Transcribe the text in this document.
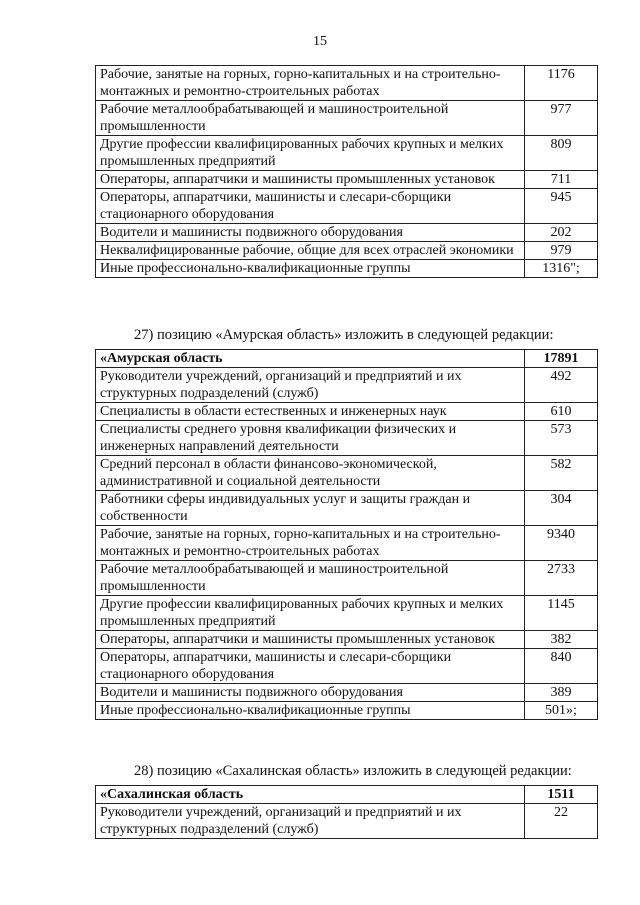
15
Рабочие, занятые на горных, горно-капитальных и на строительно-монтажных и ремонтно-строительных работах	1176
Рабочие металлообрабатывающей и машиностроительной промышленности	977
Другие профессии квалифицированных рабочих крупных и мелких промышленных предприятий	809
Операторы, аппаратчики и машинисты промышленных установок	711
Операторы, аппаратчики, машинисты и слесари-сборщики стационарного оборудования	945
Водители и машинисты подвижного оборудования	202
Неквалифицированные рабочие, общие для всех отраслей экономики	979
Иные профессионально-квалификационные группы	1316";
27) позицию «Амурская область» изложить в следующей редакции:
«Амурская область	17891
Руководители учреждений, организаций и предприятий и их структурных подразделений (служб)	492
Специалисты в области естественных и инженерных наук	610
Специалисты среднего уровня квалификации физических и инженерных направлений деятельности	573
Средний персонал в области финансово-экономической, административной и социальной деятельности	582
Работники сферы индивидуальных услуг и защиты граждан и собственности	304
Рабочие, занятые на горных, горно-капитальных и на строительно-монтажных и ремонтно-строительных работах	9340
Рабочие металлообрабатывающей и машиностроительной промышленности	2733
Другие профессии квалифицированных рабочих крупных и мелких промышленных предприятий	1145
Операторы, аппаратчики и машинисты промышленных установок	382
Операторы, аппаратчики, машинисты и слесари-сборщики стационарного оборудования	840
Водители и машинисты подвижного оборудования	389
Иные профессионально-квалификационные группы	501»;
28) позицию «Сахалинская область» изложить в следующей редакции:
«Сахалинская область	1511
Руководители учреждений, организаций и предприятий и их структурных подразделений (служб)	22
